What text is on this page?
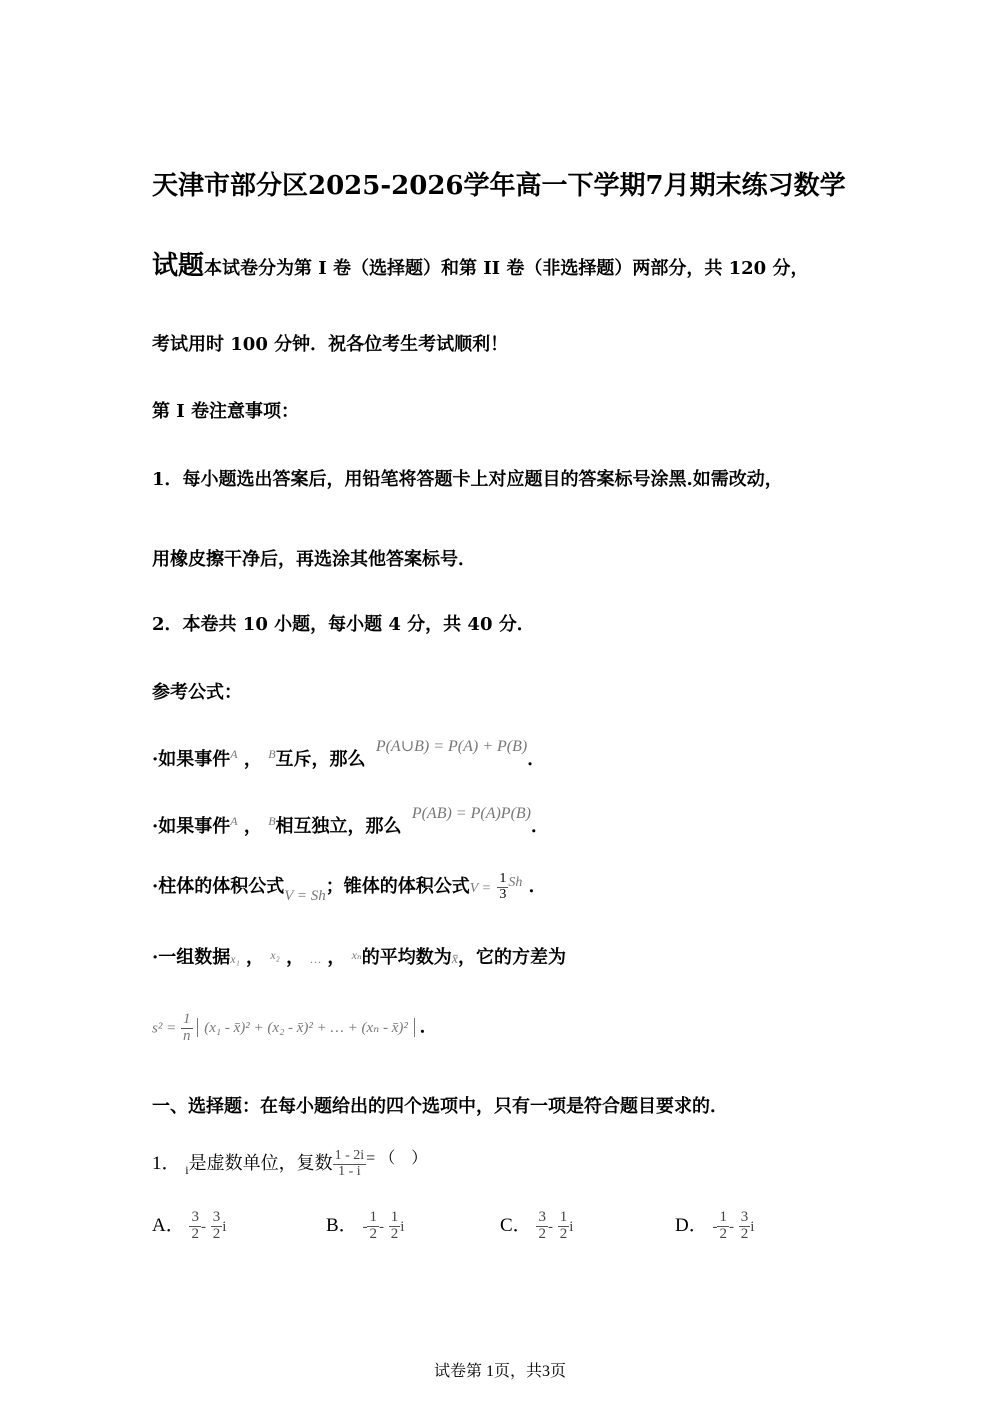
天津市部分区2025-2026学年高一下学期7月期末练习数学
试题本试卷分为第 I 卷（选择题）和第 II 卷（非选择题）两部分，共 120 分，
考试用时 100 分钟．祝各位考生考试顺利！
第 I 卷注意事项：
1．每小题选出答案后，用铅笔将答题卡上对应题目的答案标号涂黑.如需改动，
用橡皮擦干净后，再选涂其他答案标号．
2．本卷共 10 小题，每小题 4 分，共 40 分．
参考公式：
·如果事件$^A$ ， $^B$互斥，那么 P(A∪B) = P(A) + P(B)．
·如果事件$^A$ ， $^B$相互独立，那么 P(AB) = P(A)P(B)．
·柱体的体积公式$_{V = Sh}$；锥体的体积公式$V = \frac{1}{3} ^{Sh}$ ．
·一组数据x₁ ， $^{x_2}$ ， … ， $^{x_n}$的平均数为x̄，它的方差为
$s^2 = \frac{1}{n} (x_1$ - x̄)² + (x₂ - x̄)² + … + (xₙ - x̄)² ．
一、选择题：在每小题给出的四个选项中，只有一项是符合题目要求的．
1． $_i$是虚数单位，复数 $\frac{1 - 2i}{1 - i} ^{= ( )}$
A． $\frac{3}{2} - \frac{3}{2}$ i	B． - $\frac{1}{2} - \frac{1}{2}$ i	C． $\frac{3}{2} - \frac{1}{2}$ i	D． - $\frac{1}{2} - \frac{3}{2}$ i
试卷第 1页，共3页
